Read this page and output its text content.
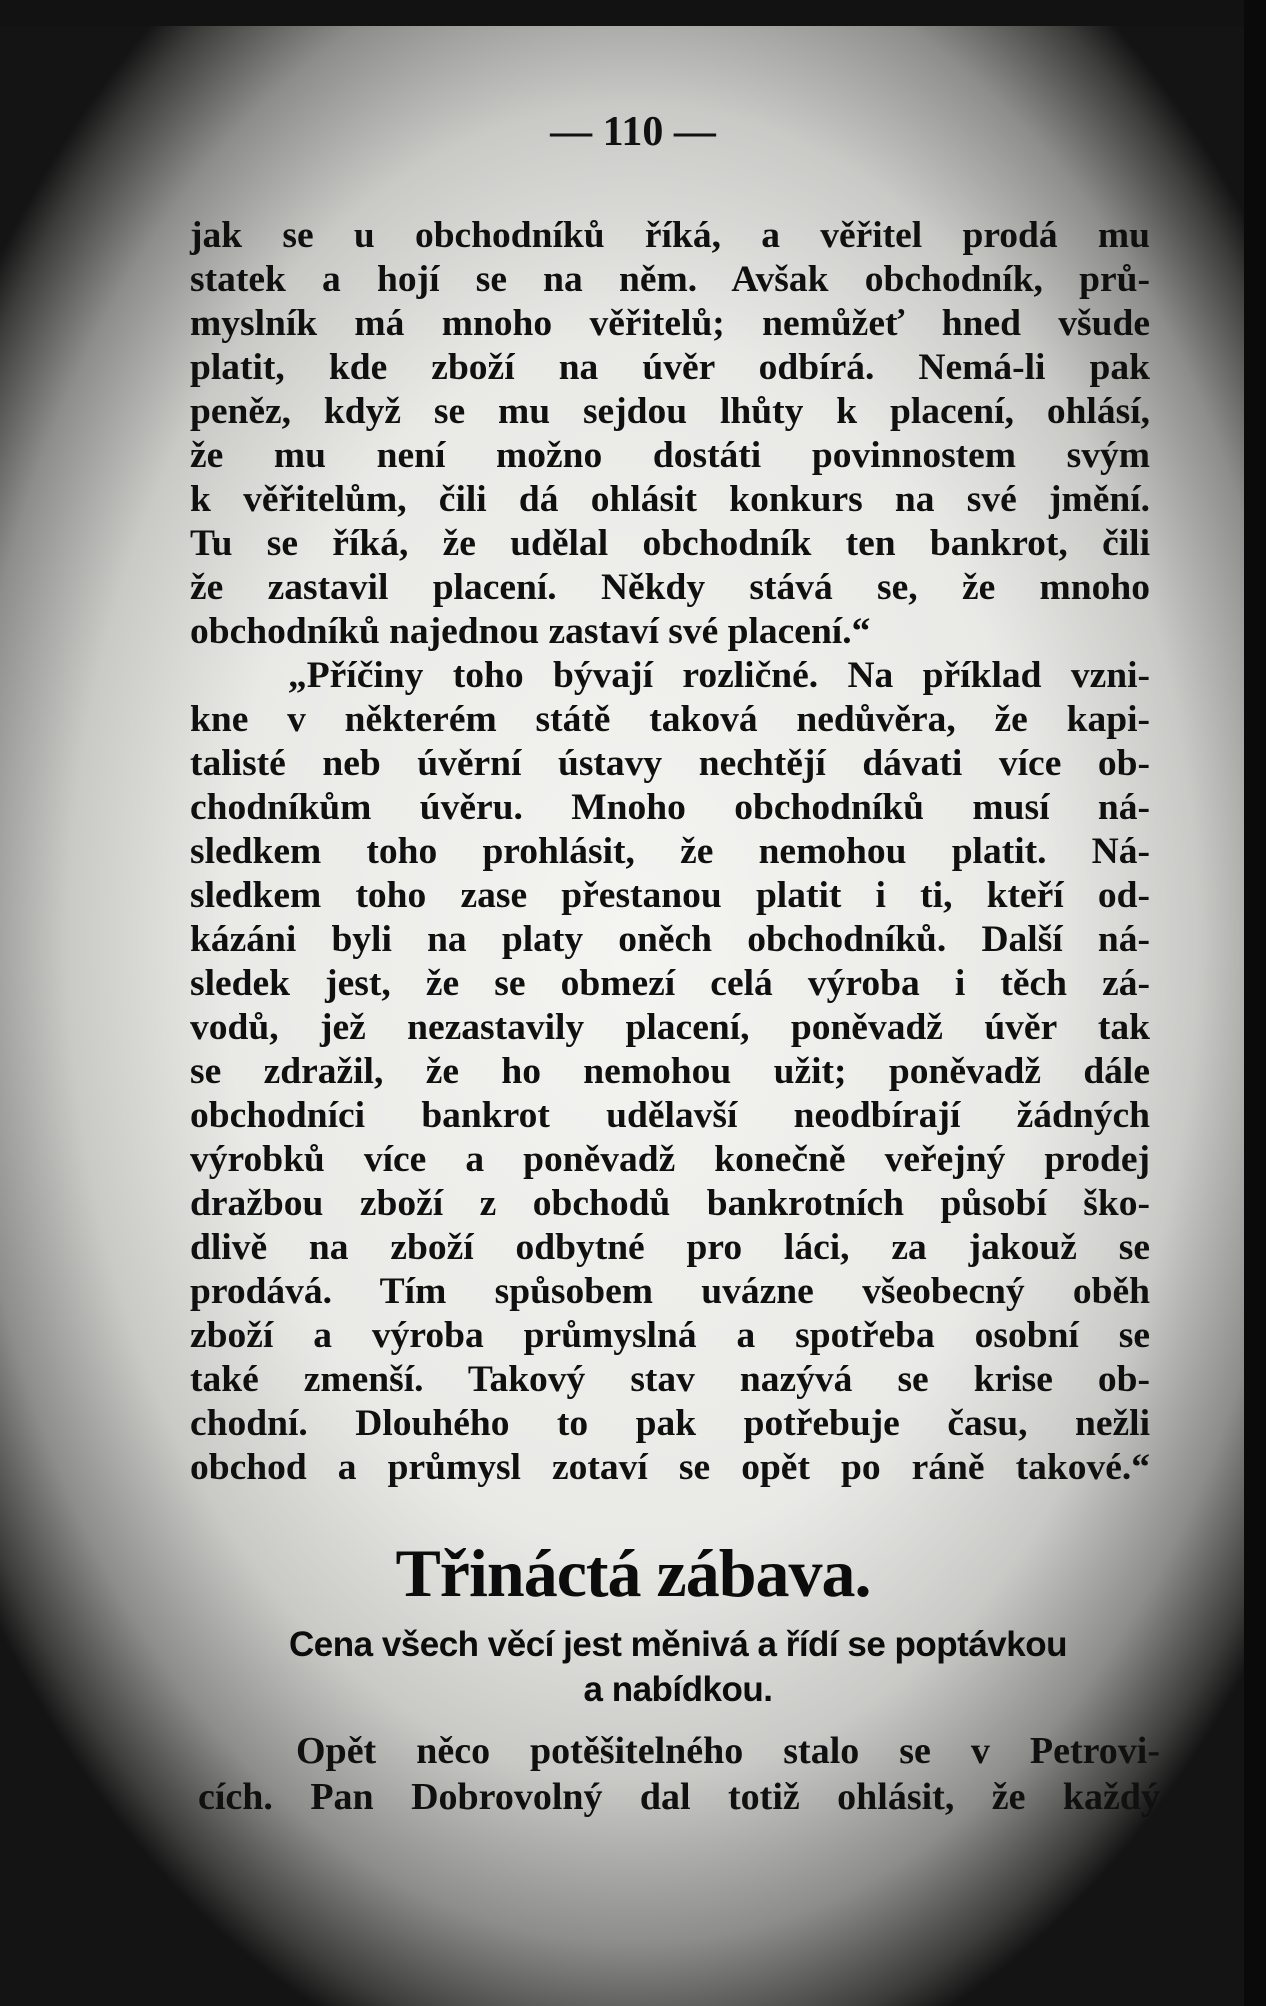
— 110 —
jak se u obchodníků říká, a věřitel prodá mu
statek a hojí se na něm. Avšak obchodník, prů-
myslník má mnoho věřitelů; nemůžeť hned všude
platit, kde zboží na úvěr odbírá. Nemá-li pak
peněz, když se mu sejdou lhůty k placení, ohlásí,
že mu není možno dostáti povinnostem svým
k věřitelům, čili dá ohlásit konkurs na své jmění.
Tu se říká, že udělal obchodník ten bankrot, čili
že zastavil placení. Někdy stává se, že mnoho
obchodníků najednou zastaví své placení.“
„Příčiny toho bývají rozličné. Na příklad vzni-
kne v některém státě taková nedůvěra, že kapi-
talisté neb úvěrní ústavy nechtějí dávati více ob-
chodníkům úvěru. Mnoho obchodníků musí ná-
sledkem toho prohlásit, že nemohou platit. Ná-
sledkem toho zase přestanou platit i ti, kteří od-
kázáni byli na platy oněch obchodníků. Další ná-
sledek jest, že se obmezí celá výroba i těch zá-
vodů, jež nezastavily placení, poněvadž úvěr tak
se zdražil, že ho nemohou užit; poněvadž dále
obchodníci bankrot udělavší neodbírají žádných
výrobků více a poněvadž konečně veřejný prodej
dražbou zboží z obchodů bankrotních působí ško-
dlivě na zboží odbytné pro láci, za jakouž se
prodává. Tím spůsobem uvázne všeobecný oběh
zboží a výroba průmyslná a spotřeba osobní se
také zmenší. Takový stav nazývá se krise ob-
chodní. Dlouhého to pak potřebuje času, nežli
obchod a průmysl zotaví se opět po ráně takové.“
Třináctá zábava.
Cena všech věcí jest měnivá a řídí se poptávkou
a nabídkou.
Opět něco potěšitelného stalo se v Petrovi-
cích. Pan Dobrovolný dal totiž ohlásit, že každý
